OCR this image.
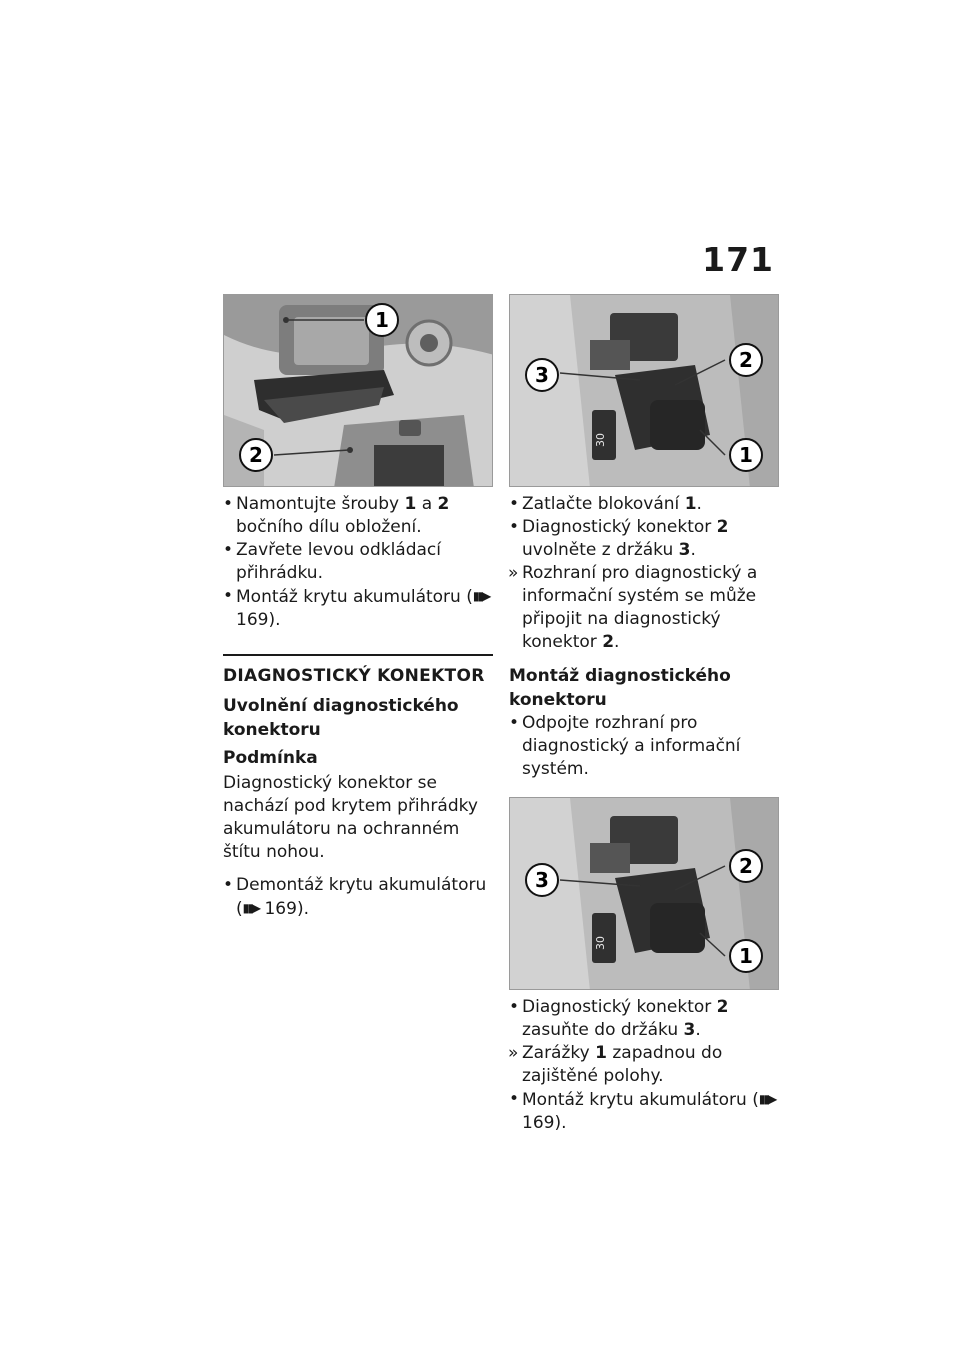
171
1
2
• Namontujte šrouby 1 a 2 bočního dílu obložení.
• Zavřete levou odkládací přihrádku.
• Montáž krytu akumulátoru (▮▮▶ 169).
DIAGNOSTICKÝ KONEKTOR
Uvolnění diagnostického konektoru
Podmínka
Diagnostický konektor se nachází pod krytem přihrádky akumulátoru na ochranném štítu nohou.
• Demontáž krytu akumulátoru (▮▮▶ 169).
30
3
2
1
• Zatlačte blokování 1.
• Diagnostický konektor 2 uvolněte z držáku 3.
» Rozhraní pro diagnostický a informační systém se může připojit na diagnostický konektor 2.
Montáž diagnostického konektoru
• Odpojte rozhraní pro diagnostický a informační systém.
30
3
2
1
• Diagnostický konektor 2 zasuňte do držáku 3.
» Zarážky 1 zapadnou do zajištěné polohy.
• Montáž krytu akumulátoru (▮▮▶ 169).
